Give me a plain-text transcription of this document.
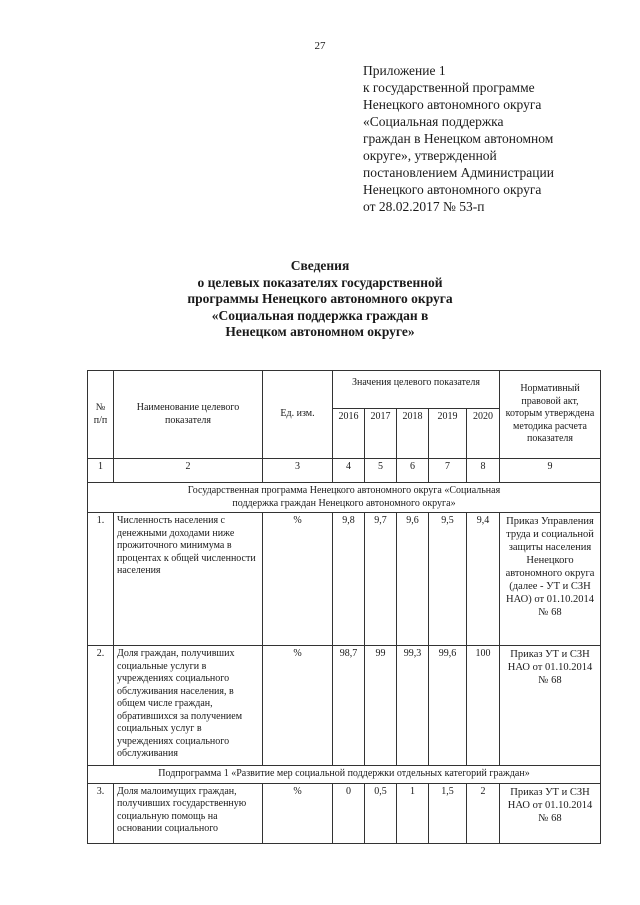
27
Приложение 1
к государственной программе
Ненецкого автономного округа
«Социальная поддержка
граждан в Ненецком автономном
округе», утвержденной
постановлением Администрации
Ненецкого автономного округа
от 28.02.2017 № 53-п
Сведения
о целевых показателях государственной
программы Ненецкого автономного округа
«Социальная поддержка граждан в
Ненецком автономном округе»
№ п/п	Наименование целевого показателя	Ед. изм.	Значения целевого показателя					Нормативный правовой акт, которым утверждена методика расчета показателя
			2016	2017	2018	2019	2020	
1	2	3	4	5	6	7	8	9
Государственная программа Ненецкого автономного округа «Социальная поддержка граждан Ненецкого автономного округа»								
1.	Численность населения с денежными доходами ниже прожиточного минимума в процентах к общей численности населения	%	9,8	9,7	9,6	9,5	9,4	Приказ Управления труда и социальной защиты населения Ненецкого автономного округа (далее - УТ и СЗН НАО) от 01.10.2014 № 68
2.	Доля граждан, получивших социальные услуги в учреждениях социального обслуживания населения, в общем числе граждан, обратившихся за получением социальных услуг в учреждениях социального обслуживания	%	98,7	99	99,3	99,6	100	Приказ УТ и СЗН НАО от 01.10.2014 № 68
Подпрограмма 1 «Развитие мер социальной поддержки отдельных категорий граждан»								
3.	Доля малоимущих граждан, получивших государственную социальную помощь на основании социального	%	0	0,5	1	1,5	2	Приказ УТ и СЗН НАО от 01.10.2014 № 68
